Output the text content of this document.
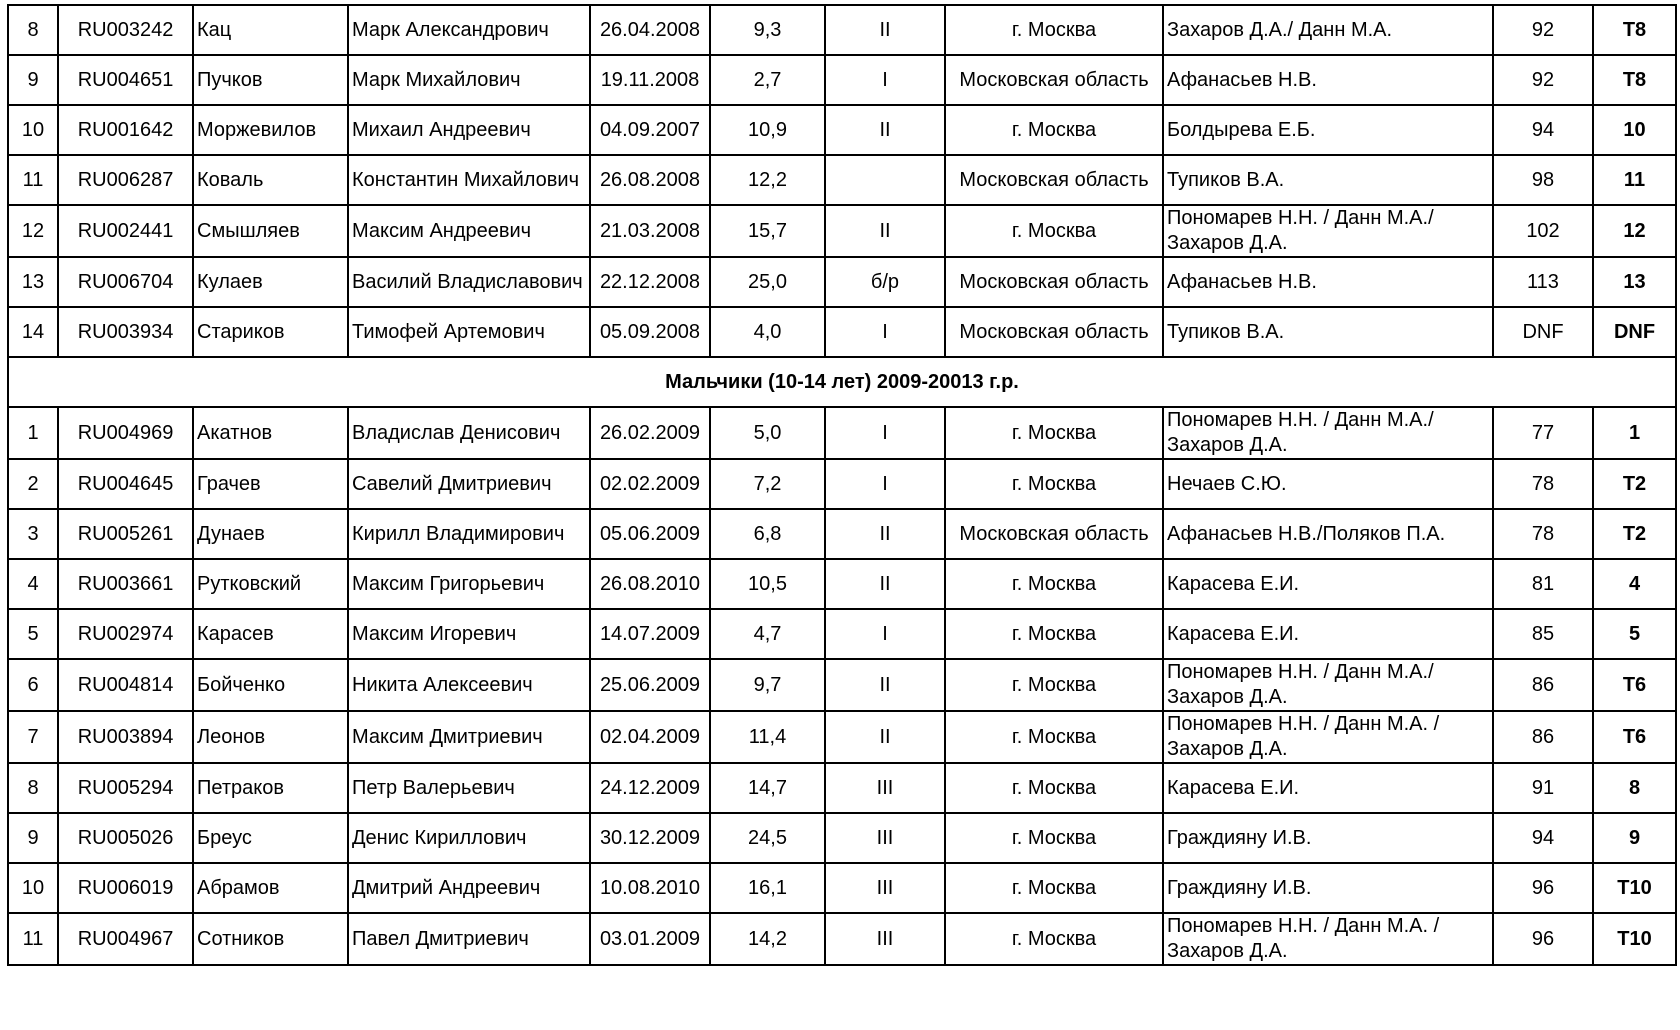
8	RU003242	Кац	Марк Александрович	26.04.2008	9,3	II	г. Москва	Захаров Д.А./ Данн М.А.	92	T8
9	RU004651	Пучков	Марк Михайлович	19.11.2008	2,7	I	Московская область	Афанасьев Н.В.	92	T8
10	RU001642	Моржевилов	Михаил Андреевич	04.09.2007	10,9	II	г. Москва	Болдырева Е.Б.	94	10
11	RU006287	Коваль	Константин Михайлович	26.08.2008	12,2		Московская область	Тупиков В.А.	98	11
12	RU002441	Смышляев	Максим Андреевич	21.03.2008	15,7	II	г. Москва	Пономарев Н.Н. / Данн М.А./ Захаров Д.А.	102	12
13	RU006704	Кулаев	Василий Владиславович	22.12.2008	25,0	б/р	Московская область	Афанасьев Н.В.	113	13
14	RU003934	Стариков	Тимофей Артемович	05.09.2008	4,0	I	Московская область	Тупиков В.А.	DNF	DNF
Мальчики (10-14 лет) 2009-20013 г.р.										
1	RU004969	Акатнов	Владислав Денисович	26.02.2009	5,0	I	г. Москва	Пономарев Н.Н. / Данн М.А./ Захаров Д.А.	77	1
2	RU004645	Грачев	Савелий Дмитриевич	02.02.2009	7,2	I	г. Москва	Нечаев С.Ю.	78	T2
3	RU005261	Дунаев	Кирилл Владимирович	05.06.2009	6,8	II	Московская область	Афанасьев Н.В./Поляков П.А.	78	T2
4	RU003661	Рутковский	Максим Григорьевич	26.08.2010	10,5	II	г. Москва	Карасева Е.И.	81	4
5	RU002974	Карасев	Максим Игоревич	14.07.2009	4,7	I	г. Москва	Карасева Е.И.	85	5
6	RU004814	Бойченко	Никита Алексеевич	25.06.2009	9,7	II	г. Москва	Пономарев Н.Н. / Данн М.А./ Захаров Д.А.	86	T6
7	RU003894	Леонов	Максим Дмитриевич	02.04.2009	11,4	II	г. Москва	Пономарев Н.Н. / Данн М.А. / Захаров Д.А.	86	T6
8	RU005294	Петраков	Петр Валерьевич	24.12.2009	14,7	III	г. Москва	Карасева Е.И.	91	8
9	RU005026	Бреус	Денис Кириллович	30.12.2009	24,5	III	г. Москва	Граждияну И.В.	94	9
10	RU006019	Абрамов	Дмитрий Андреевич	10.08.2010	16,1	III	г. Москва	Граждияну И.В.	96	T10
11	RU004967	Сотников	Павел Дмитриевич	03.01.2009	14,2	III	г. Москва	Пономарев Н.Н. / Данн М.А. / Захаров Д.А.	96	T10
